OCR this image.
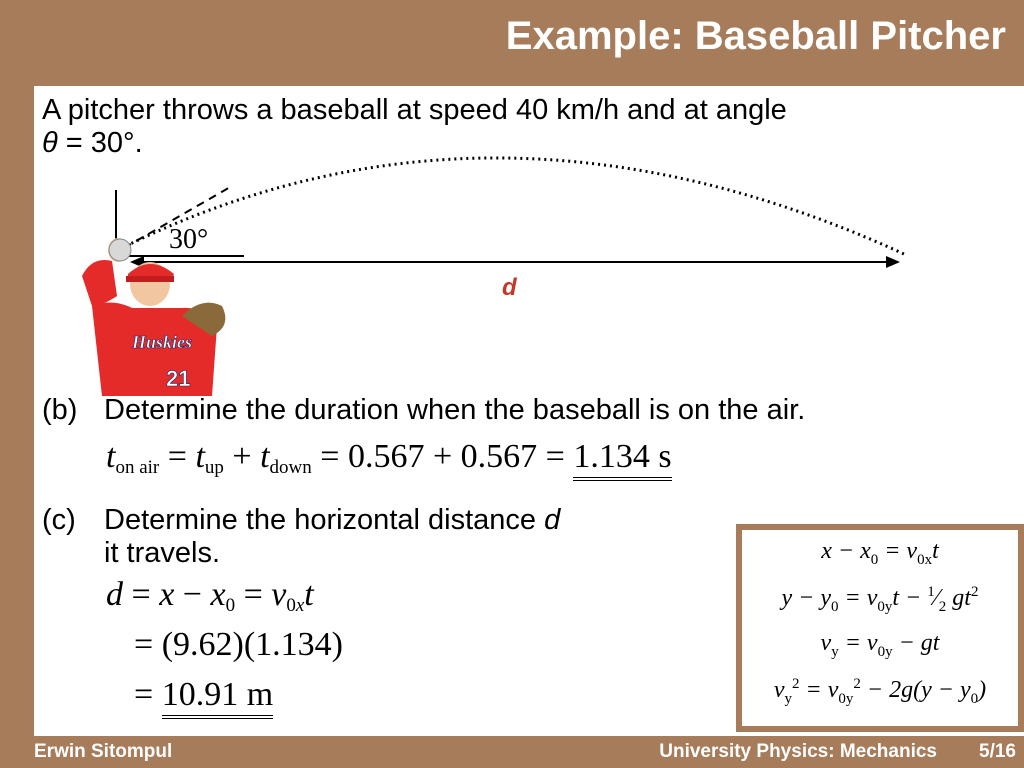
Example: Baseball Pitcher
A pitcher throws a baseball at speed 40 km/h and at angle
θ = 30°.
30°
d
Huskies
21
(b) Determine the duration when the baseball is on the air.
$t_{on air} = t_{up} + t_{down} = 0.567 + 0.567 = 1.134$ s
(c) Determine the horizontal distance d
it travels.
$d = x - x_0 = v_{0x}t$
= (9.62)(1.134)
= 10.91 m
$x - x_0 = v_{0x}t$
$y - y_0 = v_{0y}t$ − $^1⁄_2$ $gt^2$
$v_y = v_{0y}$ − gt
$v_y^2 = v_{0y}^2 - 2g(y - y_0)$
Erwin Sitompul	University Physics: Mechanics 5/16
